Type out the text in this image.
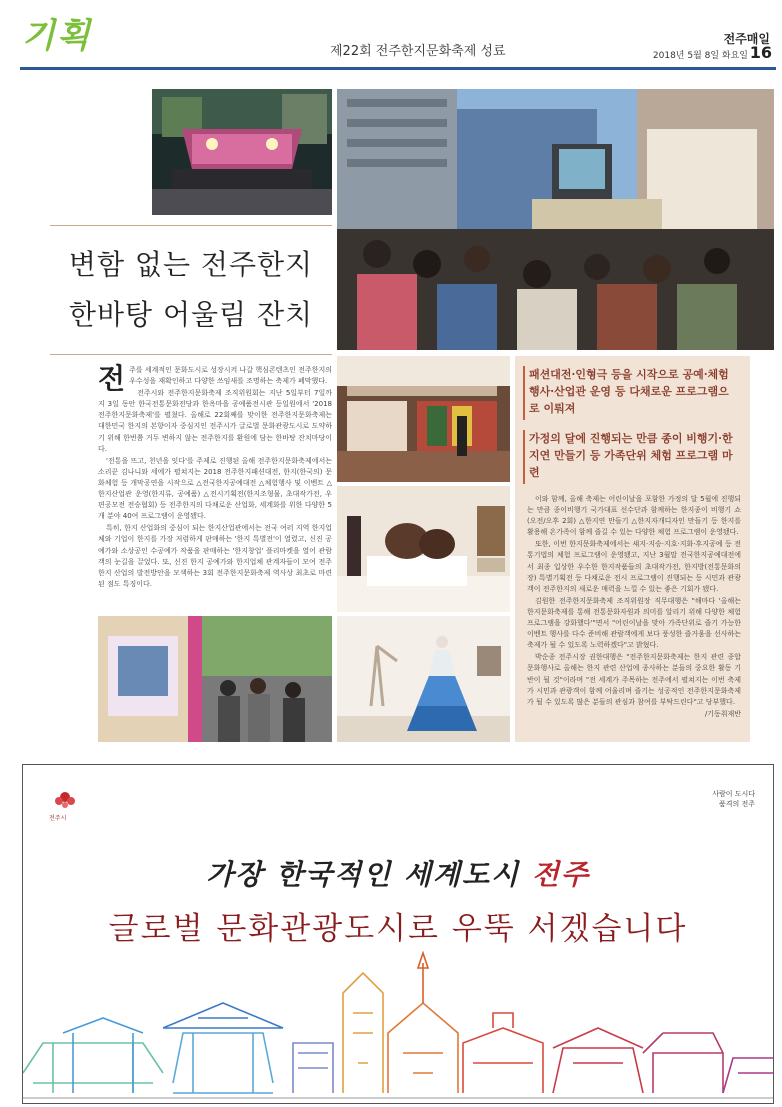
기획	제22회 전주한지문화축제 성료
전주매일
2018년 5월 8일 화요일 16
변함 없는 전주한지
한바탕 어울림 잔치

전주를 세계적인 문화도시로 성장시켜 나갈 핵심콘텐츠인 전주한지의 우수성을 재확인하고 다양한 쓰임새를 조명하는 축제가 폐막했다.

전주시와 전주한지문화축제 조직위원회는 지난 5일부터 7일까지 3일 동안 한국전통문화전당과 한옥마을 공예품전시관 등일원에서 '2018 전주한지문화축제'를 펼쳤다. 올해로 22회째를 맞이한 전주한지문화축제는 대한민국 한지의 본향이자 중심지인 전주시가 글로벌 문화관광도시로 도약하기 위해 한번쯤 거두 변하지 않는 전주한지를 환원에 담는 한바탕 잔치마당이다.

'전통을 뜨고, 천년을 잇다'를 주제로 진행된 올해 전주한지문화축제에서는 소리꾼 김나니와 세에가 펼쳐지는 2018 전주한지패션대전, 한지(한국의) 문화체험 등 개막공연을 시작으로 △전국한지공예대전 △체험행사 및 이벤트 △한지산업관 운영(한지류, 공예품) △전시기획전(한지조형물, 초대작가전, 우편공모전 전승협회) 등 전주한지의 다채로운 산업화, 세계화를 위한 다양한 5개 분야 40여 프로그램이 운영됐다.

특히, 한지 산업화의 중심이 되는 한지산업관에서는 전국 여러 지역 한지업체와 기업이 한지를 가장 저렴하게 판매하는 '한지 특별전'이 열렸고, 신진 공예가와 소상공인 수공예가 작품을 판매하는 '한지창업' 플리마켓을 열어 관람객의 눈길을 끌었다. 또, 신진 한지 공예가와 한지업체 관계자들이 모여 전주한지 산업의 발전방안을 모색하는 3회 전주한지문화축제 역사상 최초로 마련된 점도 특징이다.

패션대전·인형극 등을 시작으로 공예·체험행사·산업관 운영 등 다채로운 프로그램으로 이뤄져
가정의 달에 진행되는 만큼 종이 비행기·한지연 만들기 등 가족단위 체험 프로그램 마련

이와 함께, 올해 축제는 어린이날을 포함한 가정의 달 5월에 진행되는 만큼 종이비행기 국가대표 선수단과 함께하는 한지종이 비행기 쇼(오전/오후 2회) △한지연 만들기 △한지자개디자인 만들기 등 한지를 활용해 온가족이 함께 즐길 수 있는 다양한 체험 프로그램이 운영됐다.

또한, 이번 한지문화축제에서는 섀지·지승·지호·지화·후지공예 등 전통기법의 체험 프로그램이 운영됐고, 지난 3월말 전국한지공예대전에서 최종 입상한 우수한 한지작품들의 초대작가전, 한지방(전통문화의 장) 특별기획전 등 다채로운 전시 프로그램이 진행되는 등 시민과 관광객이 전주한지의 새로운 매력을 느낄 수 있는 좋은 기회가 됐다.

김원한 전주한지문화축제 조직위원장 직무대행은 "해마다 '올해는 한지문화축제를 통해 전통문화자원과 의미를 알리기 위해 다양한 체험 프로그램을 강화했다'"면서 "어린이날을 맞아 가족단위로 즐기 가능한 이벤트 행사를 다수 준비해 관람객에게 보다 풍성한 즐거움을 선사하는 축제가 될 수 있도록 노력하겠다"고 밝혔다.

박순종 전주시장 권한대행은 "전주한지문화축제는 한지 관련 종합 문화행사로 올해는 한지 관련 산업에 종사하는 분들의 중요한 활동 기반이 될 것"이라며 "전 세계가 주목하는 전주에서 펼쳐지는 이번 축제가 시민과 관광객이 함께 어울리며 즐기는 성공적인 전주한지문화축제가 될 수 있도록 많은 분들의 관심과 참여를 부탁드린다"고 당부했다.

/기동취재반

전주시
사람이 도시다
품격의 전주
가장 한국적인 세계도시 전주
글로벌 문화관광도시로 우뚝 서겠습니다
